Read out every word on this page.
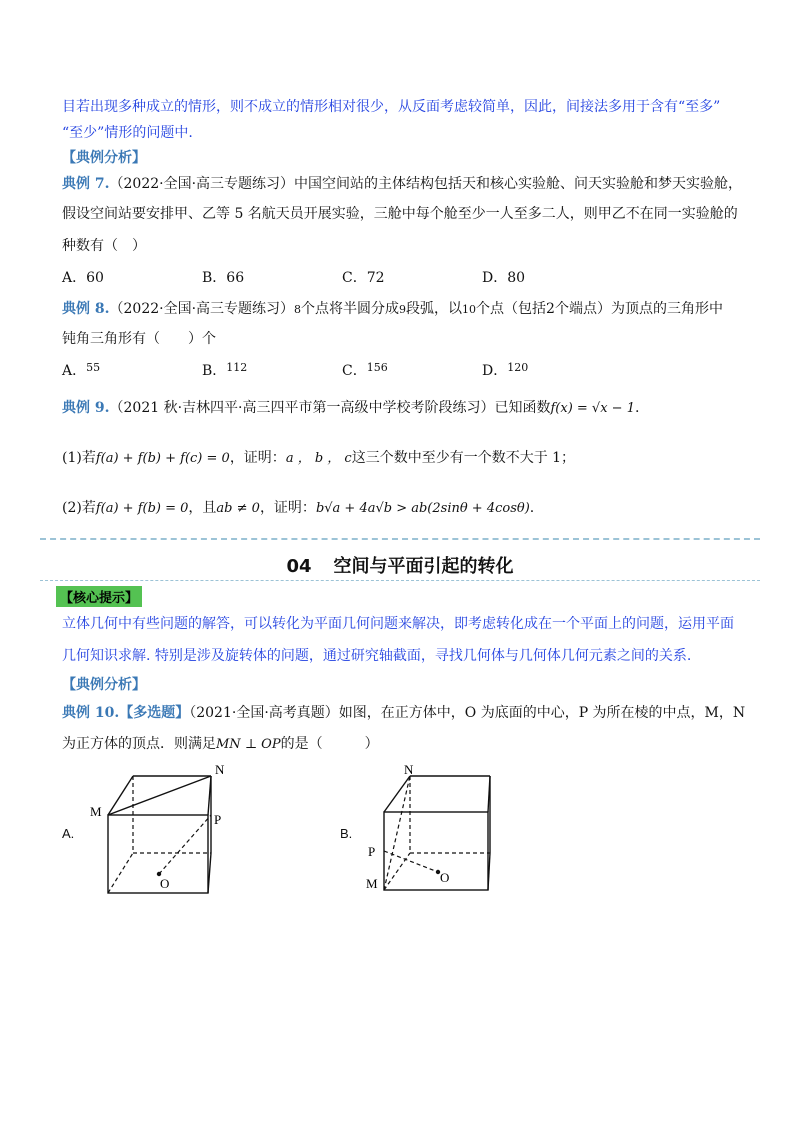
目若出现多种成立的情形，则不成立的情形相对很少，从反面考虑较简单，因此，间接法多用于含有“至多”
“至少”情形的问题中.
【典例分析】
典例 7.（2022·全国·高三专题练习）中国空间站的主体结构包括天和核心实验舱、问天实验舱和梦天实验舱，
假设空间站要安排甲、乙等 5 名航天员开展实验，三舱中每个舱至少一人至多二人，则甲乙不在同一实验舱的
种数有（　）
A．60	B．66	C．72	D．80
典例 8.（2022·全国·高三专题练习）8个点将半圆分成9段弧，以10个点（包括2个端点）为顶点的三角形中
钝角三角形有（　　）个
A．$^{55}$	B．$^{112}$	C．$^{156}$	D．$^{120}$
典例 9.（2021 秋·吉林四平·高三四平市第一高级中学校考阶段练习）已知函数f(x) = √x − 1.
(1)若f(a) + f(b) + f(c) = 0，证明：a ， b ， c这三个数中至少有一个数不大于 1；
(2)若f(a) + f(b) = 0，且ab ≠ 0，证明：b√a + 4a√b > ab(2sinθ + 4cosθ).
04 空间与平面引起的转化
【核心提示】
立体几何中有些问题的解答，可以转化为平面几何问题来解决，即考虑转化成在一个平面上的问题，运用平面
几何知识求解. 特别是涉及旋转体的问题，通过研究轴截面，寻找几何体与几何体几何元素之间的关系.
【典例分析】
典例 10.【多选题】（2021·全国·高考真题）如图，在正方体中，O 为底面的中心，P 为所在棱的中点，M，N
为正方体的顶点．则满足MN ⊥ OP的是（　　　）
A.
M
N
P
O
B.
N
P
M	O
